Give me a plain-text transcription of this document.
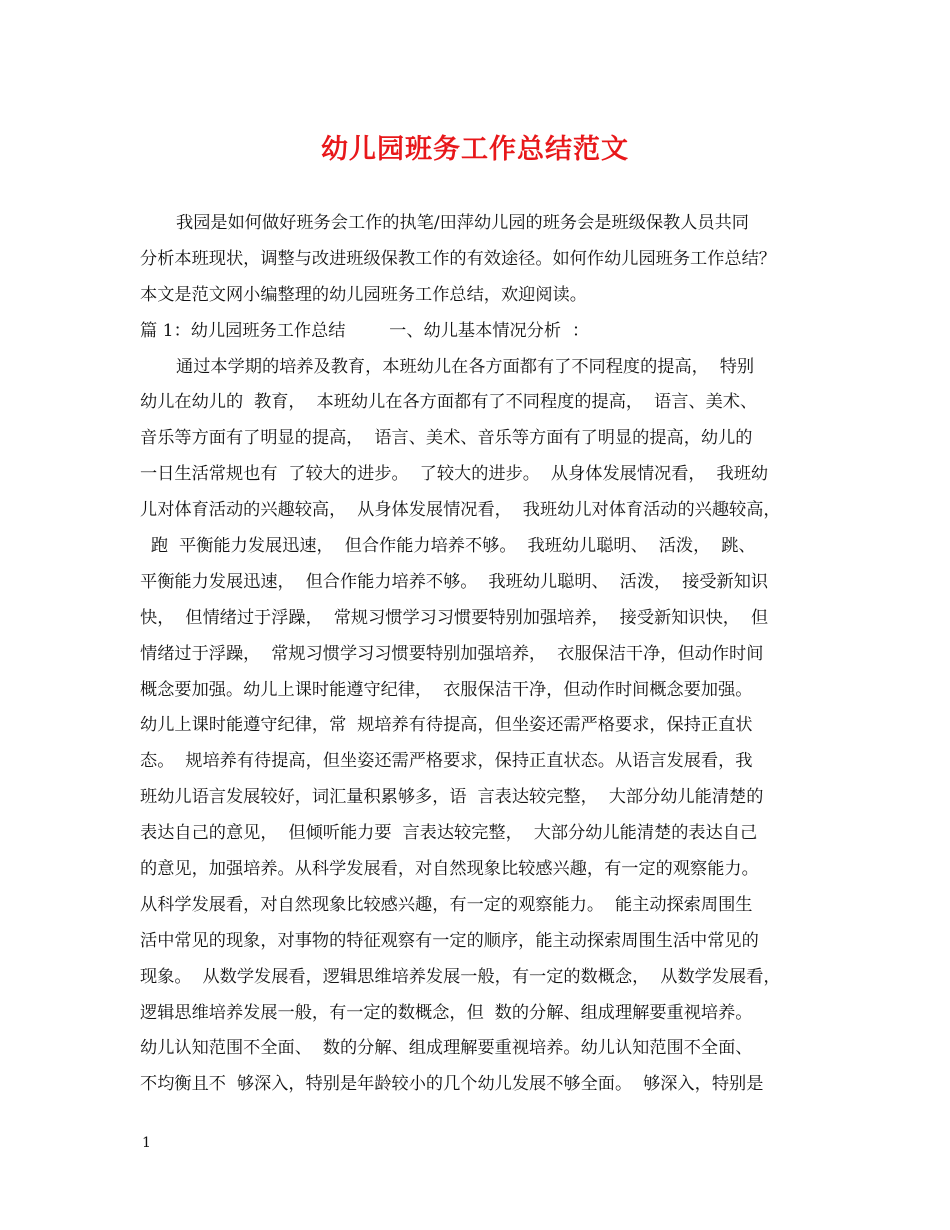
幼儿园班务工作总结范文
我园是如何做好班务会工作的执笔/田萍幼儿园的班务会是班级保教人员共同
分析本班现状，调整与改进班级保教工作的有效途径。如何作幼儿园班务工作总结？
本文是范文网小编整理的幼儿园班务工作总结，欢迎阅读。
篇 1：幼儿园班务工作总结        一、幼儿基本情况分析  ：
通过本学期的培养及教育，本班幼儿在各方面都有了不同程度的提高，  特别
幼儿在幼儿的  教育，  本班幼儿在各方面都有了不同程度的提高，  语言、美术、
音乐等方面有了明显的提高，  语言、美术、音乐等方面有了明显的提高，幼儿的
一日生活常规也有  了较大的进步。  了较大的进步。  从身体发展情况看，  我班幼
儿对体育活动的兴趣较高，  从身体发展情况看，  我班幼儿对体育活动的兴趣较高，
跑  平衡能力发展迅速，  但合作能力培养不够。  我班幼儿聪明、  活泼，  跳、
平衡能力发展迅速，  但合作能力培养不够。  我班幼儿聪明、  活泼，  接受新知识
快，  但情绪过于浮躁，  常规习惯学习习惯要特别加强培养，  接受新知识快，  但
情绪过于浮躁，  常规习惯学习习惯要特别加强培养，  衣服保洁干净，但动作时间
概念要加强。幼儿上课时能遵守纪律，  衣服保洁干净，但动作时间概念要加强。
幼儿上课时能遵守纪律，常  规培养有待提高，但坐姿还需严格要求，保持正直状
态。  规培养有待提高，但坐姿还需严格要求，保持正直状态。从语言发展看，我
班幼儿语言发展较好，词汇量积累够多，语  言表达较完整，  大部分幼儿能清楚的
表达自己的意见，  但倾听能力要  言表达较完整，  大部分幼儿能清楚的表达自己
的意见，加强培养。从科学发展看，对自然现象比较感兴趣，有一定的观察能力。
从科学发展看，对自然现象比较感兴趣，有一定的观察能力。  能主动探索周围生
活中常见的现象，对事物的特征观察有一定的顺序，能主动探索周围生活中常见的
现象。  从数学发展看，逻辑思维培养发展一般，有一定的数概念，  从数学发展看，
逻辑思维培养发展一般，有一定的数概念，但  数的分解、组成理解要重视培养。
幼儿认知范围不全面、  数的分解、组成理解要重视培养。幼儿认知范围不全面、
不均衡且不  够深入，特别是年龄较小的几个幼儿发展不够全面。  够深入，特别是
1
